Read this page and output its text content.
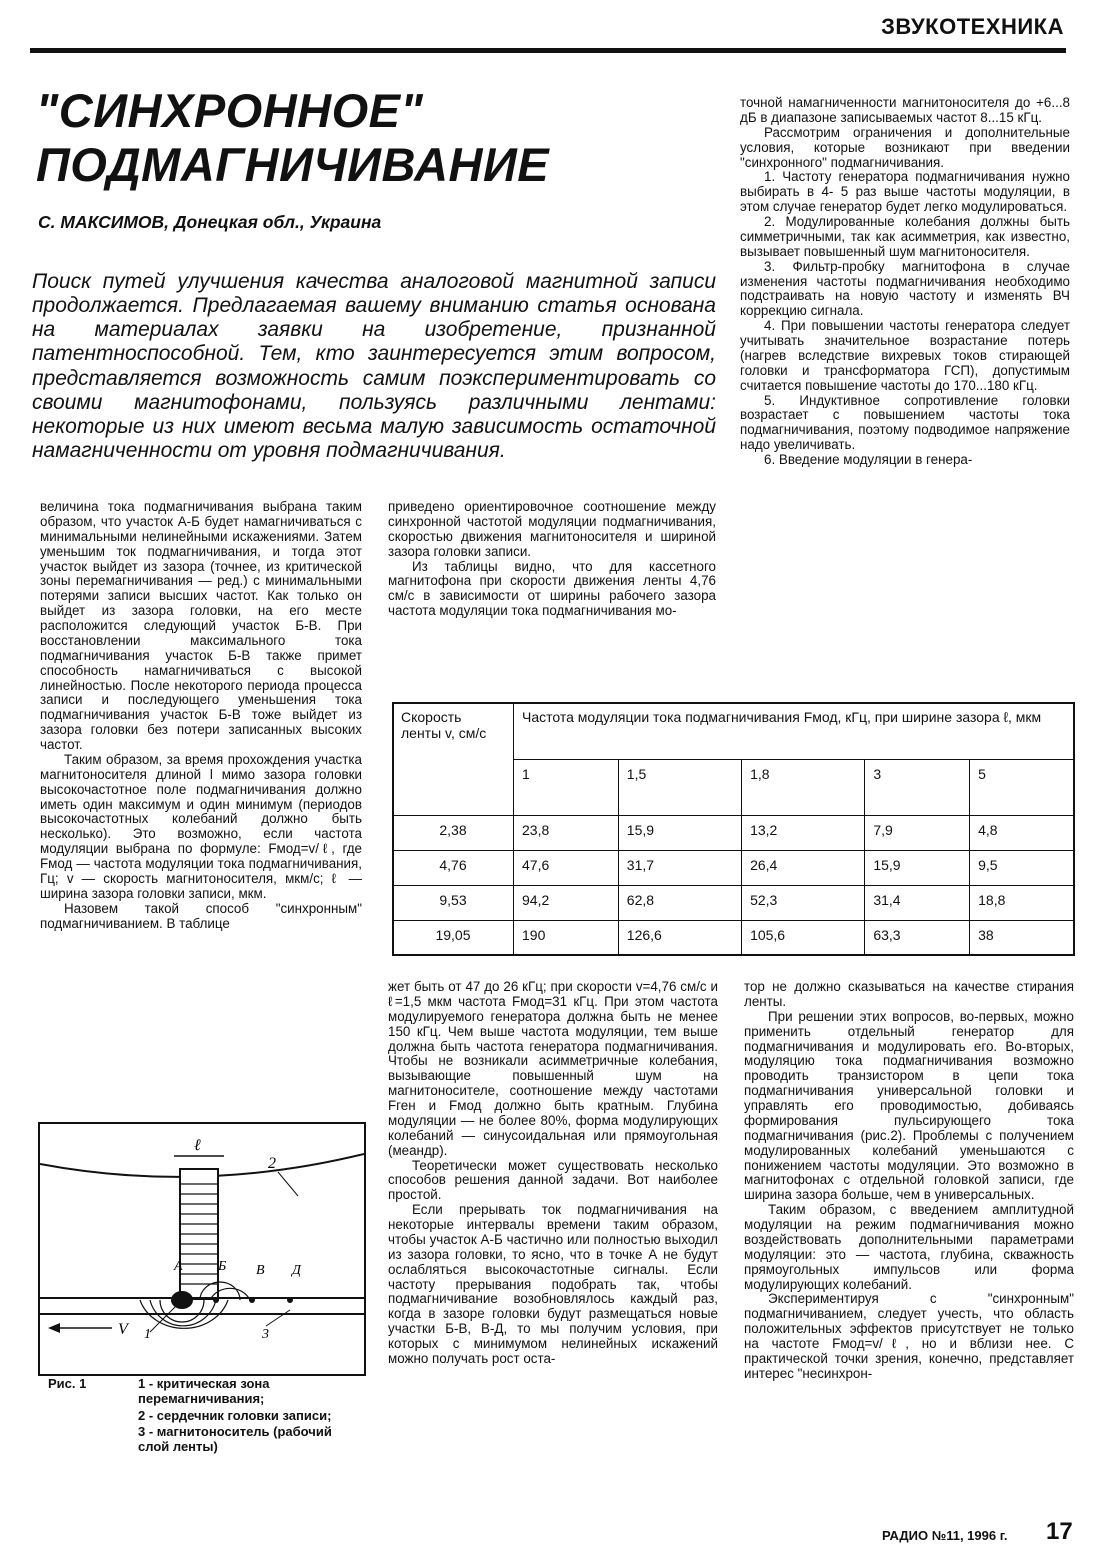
ЗВУКОТЕХНИКА
"СИНХРОННОЕ"
ПОДМАГНИЧИВАНИЕ
С. МАКСИМОВ, Донецкая обл., Украина
Поиск путей улучшения качества аналоговой магнитной записи продолжается. Предлагаемая вашему вниманию статья основана на материалах заявки на изобретение, признанной патентноспособной. Тем, кто заинтересуется этим вопросом, представляется возможность самим поэкспериментировать со своими магнитофонами, пользуясь различными лентами: некоторые из них имеют весьма малую зависимость остаточной намагниченности от уровня подмагничивания.

точной намагниченности магнитоносителя до +6...8 дБ в диапазоне записываемых частот 8...15 кГц.

Рассмотрим ограничения и дополнительные условия, которые возникают при введении "синхронного" подмагничивания.

1. Частоту генератора подмагничивания нужно выбирать в 4- 5 раз выше частоты модуляции, в этом случае генератор будет легко модулироваться.

2. Модулированные колебания должны быть симметричными, так как асимметрия, как известно, вызывает повышенный шум магнитоносителя.

3. Фильтр-пробку магнитофона в случае изменения частоты подмагничивания необходимо подстраивать на новую частоту и изменять ВЧ коррекцию сигнала.

4. При повышении частоты генератора следует учитывать значительное возрастание потерь (нагрев вследствие вихревых токов стирающей головки и трансформатора ГСП), допустимым считается повышение частоты до 170...180 кГц.

5. Индуктивное сопротивление головки возрастает с повышением частоты тока подмагничивания, поэтому подводимое напряжение надо увеличивать.

6. Введение модуляции в генера-

величина тока подмагничивания выбрана таким образом, что участок А-Б будет намагничиваться с минимальными нелинейными искажениями. Затем уменьшим ток подмагничивания, и тогда этот участок выйдет из зазора (точнее, из критической зоны перемагничивания — ред.) с минимальными потерями записи высших частот. Как только он выйдет из зазора головки, на его месте расположится следующий участок Б-В. При восстановлении максимального тока подмагничивания участок Б-В также примет способность намагничиваться с высокой линейностью. После некоторого периода процесса записи и последующего уменьшения тока подмагничивания участок Б-В тоже выйдет из зазора головки без потери записанных высоких частот.

Таким образом, за время прохождения участка магнитоносителя длиной l мимо зазора головки высокочастотное поле подмагничивания должно иметь один максимум и один минимум (периодов высокочастотных колебаний должно быть несколько). Это возможно, если частота модуляции выбрана по формуле: Fмод=v/ℓ, где Fмод — частота модуляции тока подмагничивания, Гц; v — скорость магнитоносителя, мкм/с; ℓ — ширина зазора головки записи, мкм.

Назовем такой способ "синхронным" подмагничиванием. В таблице

приведено ориентировочное соотношение между синхронной частотой модуляции подмагничивания, скоростью движения магнитоносителя и шириной зазора головки записи.

Из таблицы видно, что для кассетного магнитофона при скорости движения ленты 4,76 см/с в зависимости от ширины рабочего зазора частота модуляции тока подмагничивания мо-

Скорость ленты v, см/с	Частота модуляции тока подмагничивания Fмод, кГц, при ширине зазора ℓ, мкм				
	1	1,5	1,8	3	5
2,38	23,8	15,9	13,2	7,9	4,8
4,76	47,6	31,7	26,4	15,9	9,5
9,53	94,2	62,8	52,3	31,4	18,8
19,05	190	126,6	105,6	63,3	38

жет быть от 47 до 26 кГц; при скорости v=4,76 см/с и ℓ=1,5 мкм частота Fмод=31 кГц. При этом частота модулируемого генератора должна быть не менее 150 кГц. Чем выше частота модуляции, тем выше должна быть частота генератора подмагничивания. Чтобы не возникали асимметричные колебания, вызывающие повышенный шум на магнитоносителе, соотношение между частотами Fген и Fмод должно быть кратным. Глубина модуляции — не более 80%, форма модулирующих колебаний — синусоидальная или прямоугольная (меандр).

Теоретически может существовать несколько способов решения данной задачи. Вот наиболее простой.

Если прерывать ток подмагничивания на некоторые интервалы времени таким образом, чтобы участок А-Б частично или полностью выходил из зазора головки, то ясно, что в точке А не будут ослабляться высокочастотные сигналы. Если частоту прерывания подобрать так, чтобы подмагничивание возобновлялось каждый раз, когда в зазоре головки будут размещаться новые участки Б-В, В-Д, то мы получим условия, при которых с минимумом нелинейных искажений можно получать рост оста-

тор не должно сказываться на качестве стирания ленты.

При решении этих вопросов, во-первых, можно применить отдельный генератор для подмагничивания и модулировать его. Во-вторых, модуляцию тока подмагничивания возможно проводить транзистором в цепи тока подмагничивания универсальной головки и управлять его проводимостью, добиваясь формирования пульсирующего тока подмагничивания (рис.2). Проблемы с получением модулированных колебаний уменьшаются с понижением частоты модуляции. Это возможно в магнитофонах с отдельной головкой записи, где ширина зазора больше, чем в универсальных.

Таким образом, с введением амплитудной модуляции на режим подмагничивания можно воздействовать дополнительными параметрами модуляции: это — частота, глубина, скважность прямоугольных импульсов или форма модулирующих колебаний.

Экспериментируя с "синхронным" подмагничиванием, следует учесть, что область положительных эффектов присутствует не только на частоте Fмод=v/ℓ, но и вблизи нее. С практической точки зрения, конечно, представляет интерес "несинхрон-

ℓ
2
А	Б В Д
1	3
V
Рис. 1	1 - критическая зона перемагничивания;
2 - сердечник головки записи;
3 - магнитоноситель (рабочий слой ленты)
РАДИО №11, 1996 г. 17
